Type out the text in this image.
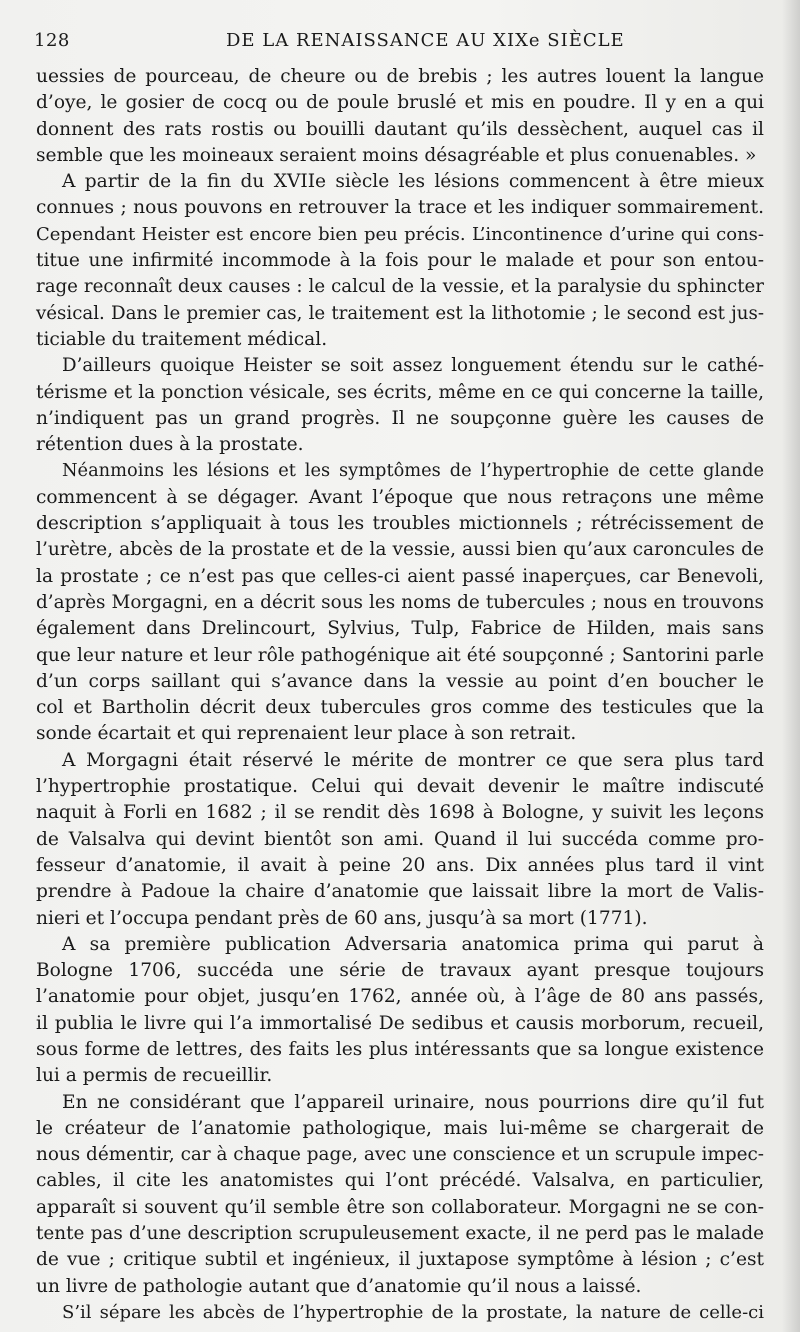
128	DE LA RENAISSANCE AU XIXe SIÈCLE
uessies de pourceau, de cheure ou de brebis ; les autres louent la langue
d’oye, le gosier de cocq ou de poule bruslé et mis en poudre. Il y en a qui
donnent des rats rostis ou bouilli dautant qu’ils dessèchent, auquel cas il
semble que les moineaux seraient moins désagréable et plus conuenables. »
A partir de la fin du XVIIe siècle les lésions commencent à être mieux
connues ; nous pouvons en retrouver la trace et les indiquer sommairement.
Cependant Heister est encore bien peu précis. L’incontinence d’urine qui cons-
titue une infirmité incommode à la fois pour le malade et pour son entou-
rage reconnaît deux causes : le calcul de la vessie, et la paralysie du sphincter
vésical. Dans le premier cas, le traitement est la lithotomie ; le second est jus-
ticiable du traitement médical.
D’ailleurs quoique Heister se soit assez longuement étendu sur le cathé-
térisme et la ponction vésicale, ses écrits, même en ce qui concerne la taille,
n’indiquent pas un grand progrès. Il ne soupçonne guère les causes de
rétention dues à la prostate.
Néanmoins les lésions et les symptômes de l’hypertrophie de cette glande
commencent à se dégager. Avant l’époque que nous retraçons une même
description s’appliquait à tous les troubles mictionnels ; rétrécissement de
l’urètre, abcès de la prostate et de la vessie, aussi bien qu’aux caroncules de
la prostate ; ce n’est pas que celles-ci aient passé inaperçues, car Benevoli,
d’après Morgagni, en a décrit sous les noms de tubercules ; nous en trouvons
également dans Drelincourt, Sylvius, Tulp, Fabrice de Hilden, mais sans
que leur nature et leur rôle pathogénique ait été soupçonné ; Santorini parle
d’un corps saillant qui s’avance dans la vessie au point d’en boucher le
col et Bartholin décrit deux tubercules gros comme des testicules que la
sonde écartait et qui reprenaient leur place à son retrait.
A Morgagni était réservé le mérite de montrer ce que sera plus tard
l’hypertrophie prostatique. Celui qui devait devenir le maître indiscuté
naquit à Forli en 1682 ; il se rendit dès 1698 à Bologne, y suivit les leçons
de Valsalva qui devint bientôt son ami. Quand il lui succéda comme pro-
fesseur d’anatomie, il avait à peine 20 ans. Dix années plus tard il vint
prendre à Padoue la chaire d’anatomie que laissait libre la mort de Valis-
nieri et l’occupa pendant près de 60 ans, jusqu’à sa mort (1771).
A sa première publication Adversaria anatomica prima qui parut à
Bologne 1706, succéda une série de travaux ayant presque toujours
l’anatomie pour objet, jusqu’en 1762, année où, à l’âge de 80 ans passés,
il publia le livre qui l’a immortalisé De sedibus et causis morborum, recueil,
sous forme de lettres, des faits les plus intéressants que sa longue existence
lui a permis de recueillir.
En ne considérant que l’appareil urinaire, nous pourrions dire qu’il fut
le créateur de l’anatomie pathologique, mais lui-même se chargerait de
nous démentir, car à chaque page, avec une conscience et un scrupule impec-
cables, il cite les anatomistes qui l’ont précédé. Valsalva, en particulier,
apparaît si souvent qu’il semble être son collaborateur. Morgagni ne se con-
tente pas d’une description scrupuleusement exacte, il ne perd pas le malade
de vue ; critique subtil et ingénieux, il juxtapose symptôme à lésion ; c’est
un livre de pathologie autant que d’anatomie qu’il nous a laissé.
S’il sépare les abcès de l’hypertrophie de la prostate, la nature de celle-ci
